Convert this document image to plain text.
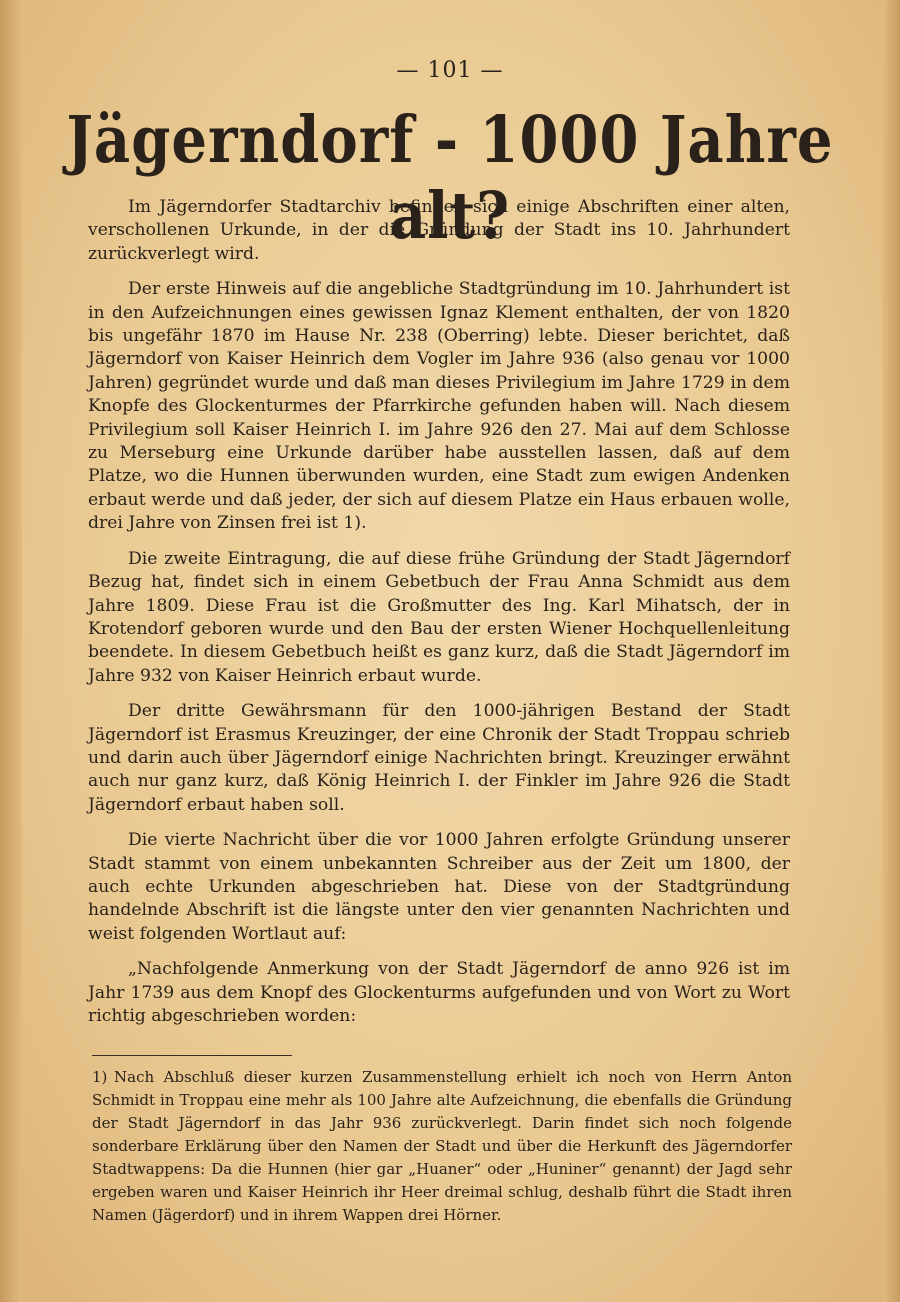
— 101 —
Jägerndorf - 1000 Jahre alt?

Im Jägerndorfer Stadtarchiv befinden sich einige Abschriften einer alten, verschollenen Urkunde, in der die Gründung der Stadt ins 10. Jahrhundert zurückverlegt wird.

Der erste Hinweis auf die angebliche Stadtgründung im 10. Jahrhundert ist in den Aufzeichnungen eines gewissen Ignaz Klement enthalten, der von 1820 bis ungefähr 1870 im Hause Nr. 238 (Oberring) lebte. Dieser berichtet, daß Jägerndorf von Kaiser Heinrich dem Vogler im Jahre 936 (also genau vor 1000 Jahren) gegründet wurde und daß man dieses Privilegium im Jahre 1729 in dem Knopfe des Glockenturmes der Pfarrkirche gefunden haben will. Nach diesem Privilegium soll Kaiser Heinrich I. im Jahre 926 den 27. Mai auf dem Schlosse zu Merseburg eine Urkunde darüber habe ausstellen lassen, daß auf dem Platze, wo die Hunnen überwunden wurden, eine Stadt zum ewigen Andenken erbaut werde und daß jeder, der sich auf diesem Platze ein Haus erbauen wolle, drei Jahre von Zinsen frei ist 1).

Die zweite Eintragung, die auf diese frühe Gründung der Stadt Jägerndorf Bezug hat, findet sich in einem Gebetbuch der Frau Anna Schmidt aus dem Jahre 1809. Diese Frau ist die Großmutter des Ing. Karl Mihatsch, der in Krotendorf geboren wurde und den Bau der ersten Wiener Hochquellenleitung beendete. In diesem Gebetbuch heißt es ganz kurz, daß die Stadt Jägerndorf im Jahre 932 von Kaiser Heinrich erbaut wurde.

Der dritte Gewährsmann für den 1000-jährigen Bestand der Stadt Jägerndorf ist Erasmus Kreuzinger, der eine Chronik der Stadt Troppau schrieb und darin auch über Jägerndorf einige Nachrichten bringt. Kreuzinger erwähnt auch nur ganz kurz, daß König Heinrich I. der Finkler im Jahre 926 die Stadt Jägerndorf erbaut haben soll.

Die vierte Nachricht über die vor 1000 Jahren erfolgte Gründung unserer Stadt stammt von einem unbekannten Schreiber aus der Zeit um 1800, der auch echte Urkunden abgeschrieben hat. Diese von der Stadtgründung handelnde Abschrift ist die längste unter den vier genannten Nachrichten und weist folgenden Wortlaut auf:

„Nachfolgende Anmerkung von der Stadt Jägerndorf de anno 926 ist im Jahr 1739 aus dem Knopf des Glockenturms aufgefunden und von Wort zu Wort richtig abgeschrieben worden:

1) Nach Abschluß dieser kurzen Zusammenstellung erhielt ich noch von Herrn Anton Schmidt in Troppau eine mehr als 100 Jahre alte Aufzeichnung, die ebenfalls die Gründung der Stadt Jägerndorf in das Jahr 936 zurückverlegt. Darin findet sich noch folgende sonderbare Erklärung über den Namen der Stadt und über die Herkunft des Jägerndorfer Stadtwappens: Da die Hunnen (hier gar „Huaner“ oder „Huniner“ genannt) der Jagd sehr ergeben waren und Kaiser Heinrich ihr Heer dreimal schlug, deshalb führt die Stadt ihren Namen (Jägerdorf) und in ihrem Wappen drei Hörner.
